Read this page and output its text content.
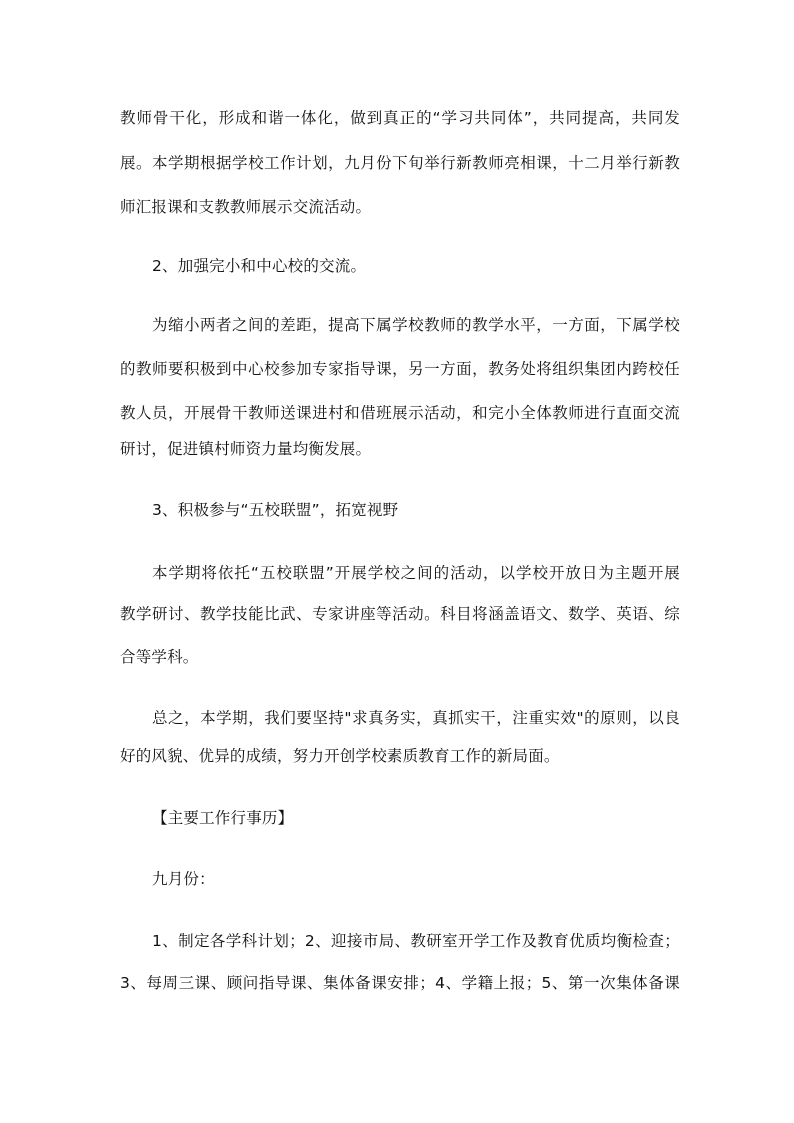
教师骨干化，形成和谐一体化，做到真正的“学习共同体”，共同提高，共同发
展。本学期根据学校工作计划，九月份下旬举行新教师亮相课，十二月举行新教
师汇报课和支教教师展示交流活动。
2、加强完小和中心校的交流。
为缩小两者之间的差距，提高下属学校教师的教学水平，一方面，下属学校
的教师要积极到中心校参加专家指导课，另一方面，教务处将组织集团内跨校任
教人员，开展骨干教师送课进村和借班展示活动，和完小全体教师进行直面交流
研讨，促进镇村师资力量均衡发展。
3、积极参与“五校联盟”，拓宽视野
本学期将依托“五校联盟”开展学校之间的活动，以学校开放日为主题开展
教学研讨、教学技能比武、专家讲座等活动。科目将涵盖语文、数学、英语、综
合等学科。
总之，本学期，我们要坚持"求真务实，真抓实干，注重实效"的原则，以良
好的风貌、优异的成绩，努力开创学校素质教育工作的新局面。
【主要工作行事历】
九月份：
1、制定各学科计划；2、迎接市局、教研室开学工作及教育优质均衡检查；
3、每周三课、顾问指导课、集体备课安排；4、学籍上报；5、第一次集体备课
